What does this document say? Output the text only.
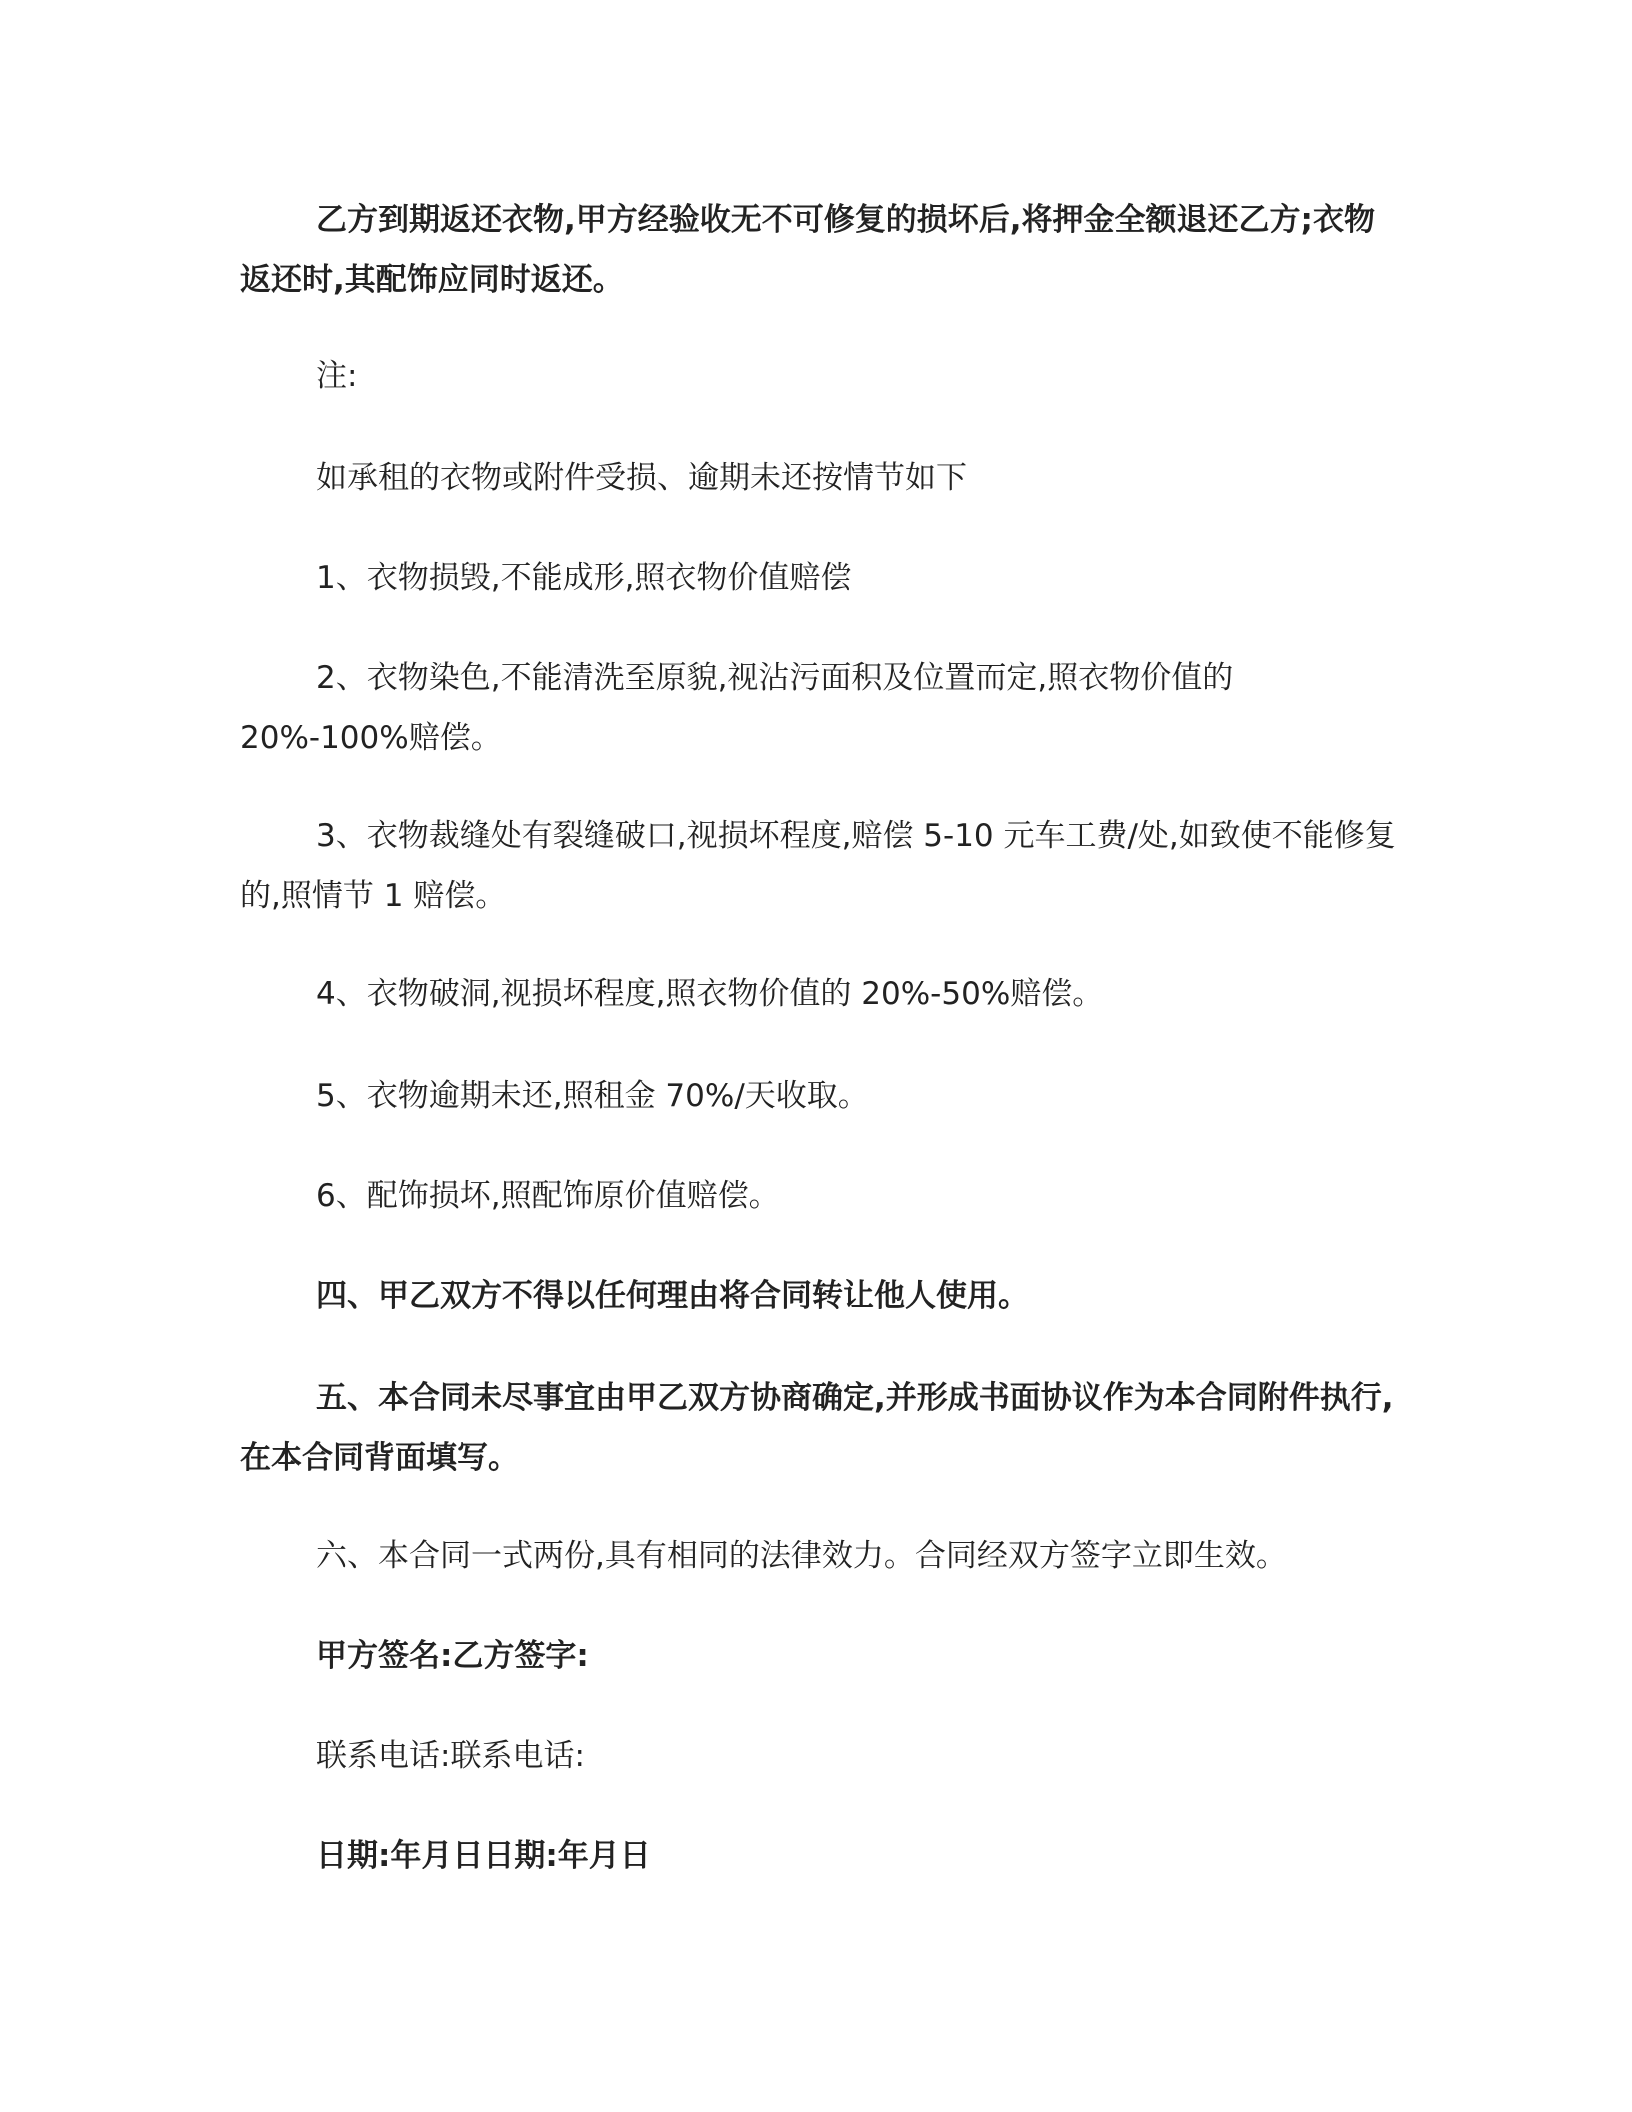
乙方到期返还衣物,甲方经验收无不可修复的损坏后,将押金全额退还乙方;衣物返还时,其配饰应同时返还。

注:

如承租的衣物或附件受损、逾期未还按情节如下

1、衣物损毁,不能成形,照衣物价值赔偿

2、衣物染色,不能清洗至原貌,视沾污面积及位置而定,照衣物价值的 20%-100%赔偿。

3、衣物裁缝处有裂缝破口,视损坏程度,赔偿 5-10 元车工费/处,如致使不能修复的,照情节 1 赔偿。

4、衣物破洞,视损坏程度,照衣物价值的 20%-50%赔偿。

5、衣物逾期未还,照租金 70%/天收取。

6、配饰损坏,照配饰原价值赔偿。

四、甲乙双方不得以任何理由将合同转让他人使用。

五、本合同未尽事宜由甲乙双方协商确定,并形成书面协议作为本合同附件执行,在本合同背面填写。

六、本合同一式两份,具有相同的法律效力。合同经双方签字立即生效。

甲方签名:乙方签字:

联系电话:联系电话:

日期:年月日日期:年月日
